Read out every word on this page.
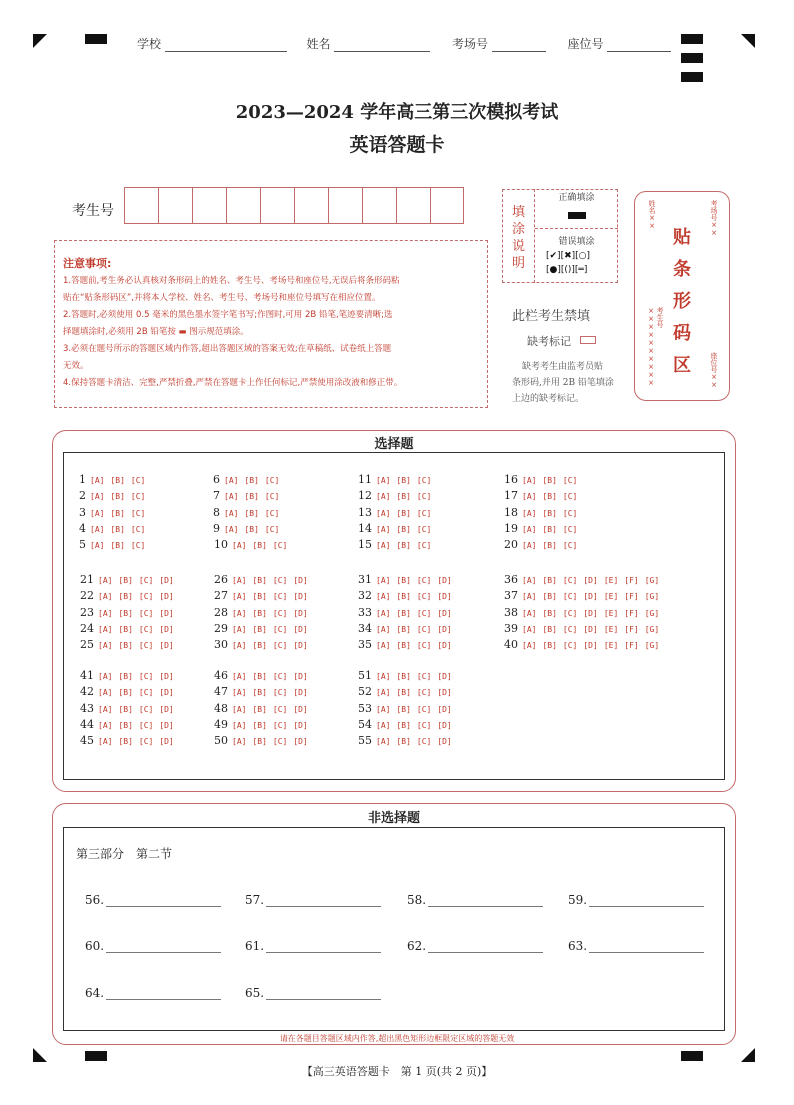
学校	姓名	考场号	座位号
2023—2024 学年高三第三次模拟考试
英语答题卡
考生号
注意事项:
1.答题前,考生务必认真核对条形码上的姓名、考生号、考场号和座位号,无误后将条形码粘
贴在“贴条形码区”,并将本人学校、姓名、考生号、考场号和座位号填写在相应位置。
2.答题时,必须使用 0.5 毫米的黑色墨水签字笔书写;作图时,可用 2B 铅笔,笔迹要清晰;选
择题填涂时,必须用 2B 铅笔按 ▬ 图示规范填涂。
3.必须在题号所示的答题区域内作答,超出答题区域的答案无效;在草稿纸、试卷纸上答题
无效。
4.保持答题卡清洁、完整,严禁折叠,严禁在答题卡上作任何标记,严禁使用涂改液和修正带。
填
涂
说
明
正确填涂
错误填涂
[✔][✖][○]
[●][()][═]
此栏考生禁填
缺考标记
缺考考生由监考员贴
条形码,并用 2B 铅笔填涂
上边的缺考标记。
贴
条
形
码
区
姓名××	考场号××
考生号××××××××××	座位号××
选择题
1 [A] [B] [C]
2 [A] [B] [C]
3 [A] [B] [C]
4 [A] [B] [C]
5 [A] [B] [C]
6 [A] [B] [C]
7 [A] [B] [C]
8 [A] [B] [C]
9 [A] [B] [C]
10 [A] [B] [C]
11 [A] [B] [C]
12 [A] [B] [C]
13 [A] [B] [C]
14 [A] [B] [C]
15 [A] [B] [C]
16 [A] [B] [C]
17 [A] [B] [C]
18 [A] [B] [C]
19 [A] [B] [C]
20 [A] [B] [C]
21 [A] [B] [C] [D]
22 [A] [B] [C] [D]
23 [A] [B] [C] [D]
24 [A] [B] [C] [D]
25 [A] [B] [C] [D]
26 [A] [B] [C] [D]
27 [A] [B] [C] [D]
28 [A] [B] [C] [D]
29 [A] [B] [C] [D]
30 [A] [B] [C] [D]
31 [A] [B] [C] [D]
32 [A] [B] [C] [D]
33 [A] [B] [C] [D]
34 [A] [B] [C] [D]
35 [A] [B] [C] [D]
36 [A] [B] [C] [D] [E] [F] [G]
37 [A] [B] [C] [D] [E] [F] [G]
38 [A] [B] [C] [D] [E] [F] [G]
39 [A] [B] [C] [D] [E] [F] [G]
40 [A] [B] [C] [D] [E] [F] [G]
41 [A] [B] [C] [D]
42 [A] [B] [C] [D]
43 [A] [B] [C] [D]
44 [A] [B] [C] [D]
45 [A] [B] [C] [D]
46 [A] [B] [C] [D]
47 [A] [B] [C] [D]
48 [A] [B] [C] [D]
49 [A] [B] [C] [D]
50 [A] [B] [C] [D]
51 [A] [B] [C] [D]
52 [A] [B] [C] [D]
53 [A] [B] [C] [D]
54 [A] [B] [C] [D]
55 [A] [B] [C] [D]
非选择题
第三部分　第二节
56.	57.	58.	59.
60.	61.	62.	63.
64.	65.
请在各题目答题区域内作答,超出黑色矩形边框限定区域的答题无效
【高三英语答题卡　第 1 页(共 2 页)】
